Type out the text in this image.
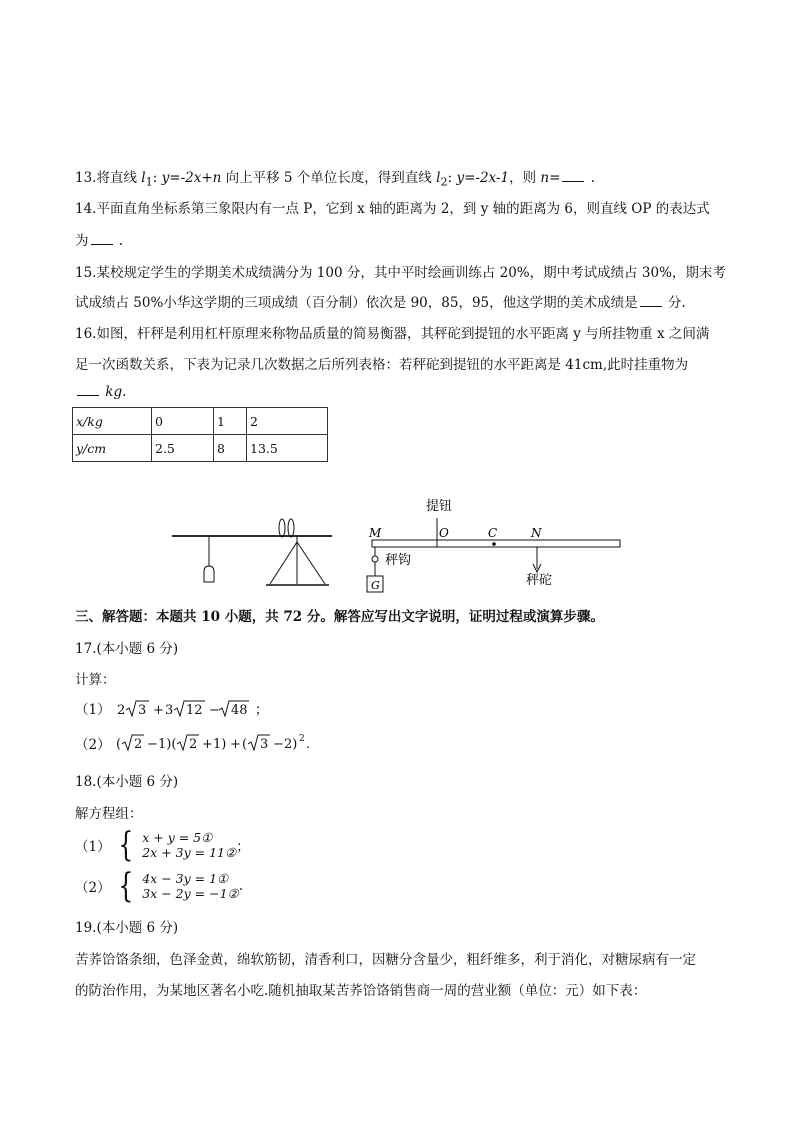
13.将直线 $l_1$: y=-2x+n 向上平移 5 个单位长度，得到直线 $l_2$: y=-2x-1，则 n= .
14.平面直角坐标系第三象限内有一点 P，它到 x 轴的距离为 2，到 y 轴的距离为 6，则直线 OP 的表达式
为 .
15.某校规定学生的学期美术成绩满分为 100 分，其中平时绘画训练占 20%，期中考试成绩占 30%，期末考
试成绩占 50%小华这学期的三项成绩（百分制）依次是 90，85，95，他这学期的美术成绩是 分.
16.如图，杆秤是利用杠杆原理来称物品质量的简易衡器，其秤砣到提钮的水平距离 y 与所挂物重 x 之间满
足一次函数关系，下表为记录几次数据之后所列表格：若秤砣到提钮的水平距离是 41cm,此时挂重物为
kg.
x/kg	0	1	2
y/cm	2.5	8	13.5
提钮
M	O	C	N
秤钩
G	秤砣
三、解答题：本题共 10 小题，共 72 分。解答应写出文字说明，证明过程或演算步骤。
17.(本小题 6 分)
计算：
（1） 2 3 + 3 12 − 48 ；
（2） ( 2 − 1)( 2 + 1) + ( 3 − 2) 2 .
18.(本小题 6 分)
解方程组：
（1） { x + y = 5①
2x + 3y = 11② ；
（2） { 4x − 3y = 1①
3x − 2y = −1② .
19.(本小题 6 分)
苦荞饸饹条细，色泽金黄，绵软筋韧，清香利口，因糖分含量少，粗纤维多，利于消化，对糖尿病有一定
的防治作用，为某地区著名小吃.随机抽取某苦荞饸饹销售商一周的营业额（单位：元）如下表：
